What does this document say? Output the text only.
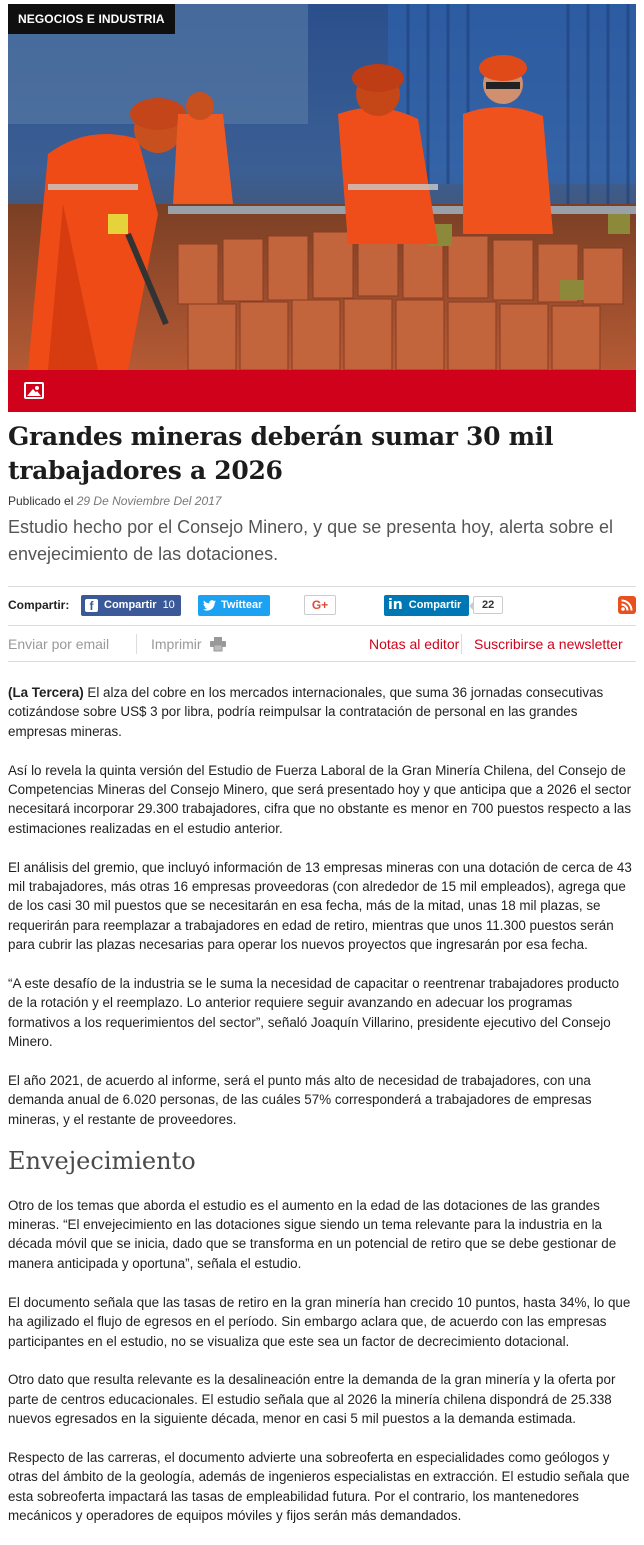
NEGOCIOS E INDUSTRIA
Grandes mineras deberán sumar 30 mil trabajadores a 2026
Publicado el 29 De Noviembre Del 2017

Estudio hecho por el Consejo Minero, y que se presenta hoy, alerta sobre el envejecimiento de las dotaciones.

Compartir:	f Compartir 10	Twittear	G+	in Compartir	22
Enviar por email	Imprimir	Notas al editor Suscribirse a newsletter

(La Tercera) El alza del cobre en los mercados internacionales, que suma 36 jornadas consecutivas cotizándose sobre US$ 3 por libra, podría reimpulsar la contratación de personal en las grandes empresas mineras.

Así lo revela la quinta versión del Estudio de Fuerza Laboral de la Gran Minería Chilena, del Consejo de Competencias Mineras del Consejo Minero, que será presentado hoy y que anticipa que a 2026 el sector necesitará incorporar 29.300 trabajadores, cifra que no obstante es menor en 700 puestos respecto a las estimaciones realizadas en el estudio anterior.

El análisis del gremio, que incluyó información de 13 empresas mineras con una dotación de cerca de 43 mil trabajadores, más otras 16 empresas proveedoras (con alrededor de 15 mil empleados), agrega que de los casi 30 mil puestos que se necesitarán en esa fecha, más de la mitad, unas 18 mil plazas, se requerirán para reemplazar a trabajadores en edad de retiro, mientras que unos 11.300 puestos serán para cubrir las plazas necesarias para operar los nuevos proyectos que ingresarán por esa fecha.

“A este desafío de la industria se le suma la necesidad de capacitar o reentrenar trabajadores producto de la rotación y el reemplazo. Lo anterior requiere seguir avanzando en adecuar los programas formativos a los requerimientos del sector”, señaló Joaquín Villarino, presidente ejecutivo del Consejo Minero.

El año 2021, de acuerdo al informe, será el punto más alto de necesidad de trabajadores, con una demanda anual de 6.020 personas, de las cuáles 57% corresponderá a trabajadores de empresas mineras, y el restante de proveedores.

Envejecimiento

Otro de los temas que aborda el estudio es el aumento en la edad de las dotaciones de las grandes mineras. “El envejecimiento en las dotaciones sigue siendo un tema relevante para la industria en la década móvil que se inicia, dado que se transforma en un potencial de retiro que se debe gestionar de manera anticipada y oportuna”, señala el estudio.

El documento señala que las tasas de retiro en la gran minería han crecido 10 puntos, hasta 34%, lo que ha agilizado el flujo de egresos en el período. Sin embargo aclara que, de acuerdo con las empresas participantes en el estudio, no se visualiza que este sea un factor de decrecimiento dotacional.

Otro dato que resulta relevante es la desalineación entre la demanda de la gran minería y la oferta por parte de centros educacionales. El estudio señala que al 2026 la minería chilena dispondrá de 25.338 nuevos egresados en la siguiente década, menor en casi 5 mil puestos a la demanda estimada.

Respecto de las carreras, el documento advierte una sobreoferta en especialidades como geólogos y otras del ámbito de la geología, además de ingenieros especialistas en extracción. El estudio señala que esta sobreoferta impactará las tasas de empleabilidad futura. Por el contrario, los mantenedores mecánicos y operadores de equipos móviles y fijos serán más demandados.
